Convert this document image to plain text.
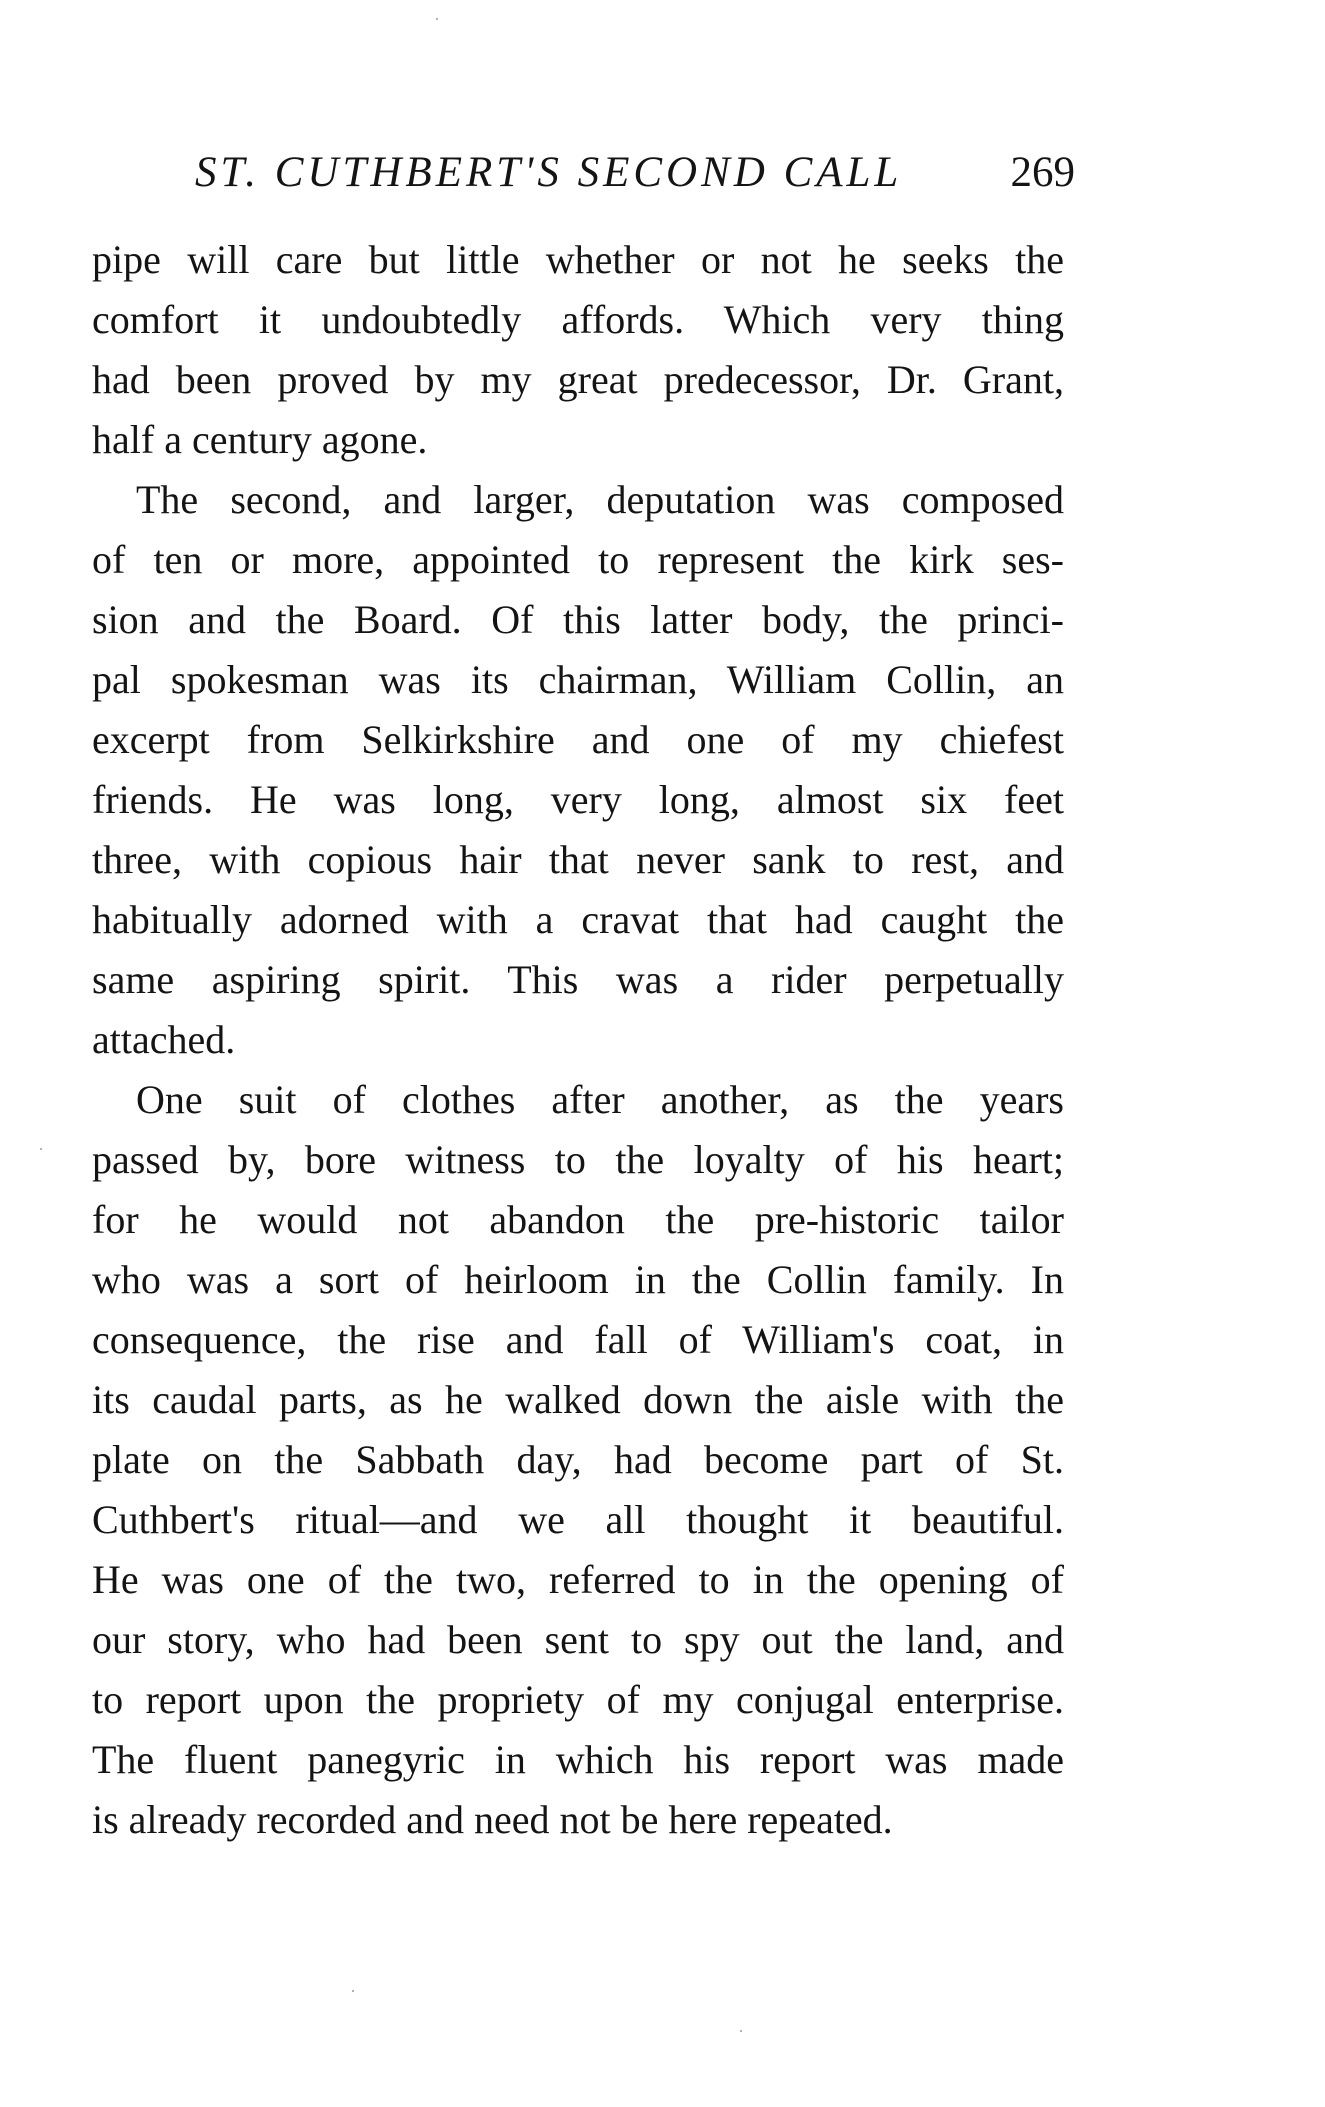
ST. CUTHBERT'S SECOND CALL	269
pipe will care but little whether or not he seeks the
comfort it undoubtedly affords. Which very thing
had been proved by my great predecessor, Dr. Grant,
half a century agone.
The second, and larger, deputation was composed
of ten or more, appointed to represent the kirk ses-
sion and the Board. Of this latter body, the princi-
pal spokesman was its chairman, William Collin, an
excerpt from Selkirkshire and one of my chiefest
friends. He was long, very long, almost six feet
three, with copious hair that never sank to rest, and
habitually adorned with a cravat that had caught the
same aspiring spirit. This was a rider perpetually
attached.
One suit of clothes after another, as the years
passed by, bore witness to the loyalty of his heart;
for he would not abandon the pre-historic tailor
who was a sort of heirloom in the Collin family. In
consequence, the rise and fall of William's coat, in
its caudal parts, as he walked down the aisle with the
plate on the Sabbath day, had become part of St.
Cuthbert's ritual—and we all thought it beautiful.
He was one of the two, referred to in the opening of
our story, who had been sent to spy out the land, and
to report upon the propriety of my conjugal enterprise.
The fluent panegyric in which his report was made
is already recorded and need not be here repeated.
